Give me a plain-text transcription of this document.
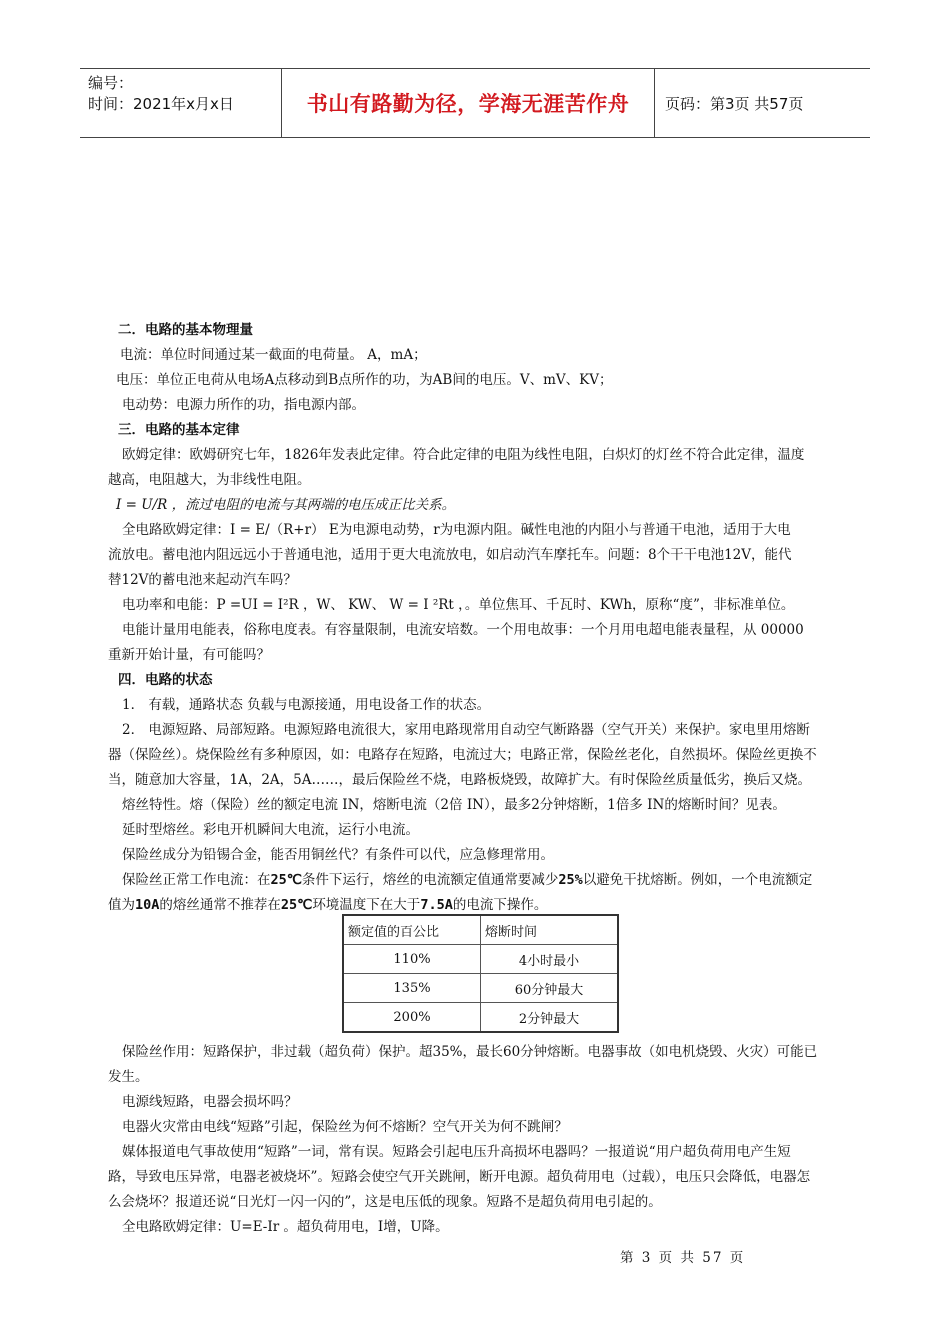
编号：
时间：2021年x月x日	书山有路勤为径，学海无涯苦作舟	页码：第3页 共57页

二．电路的基本物理量

电流：单位时间通过某一截面的电荷量。 A，mA；

电压：单位正电荷从电场A点移动到B点所作的功，为AB间的电压。V、mV、KV；

电动势：电源力所作的功，指电源内部。

三．电路的基本定律

欧姆定律：欧姆研究七年，1826年发表此定律。符合此定律的电阻为线性电阻，白炽灯的灯丝不符合此定律，温度

越高，电阻越大，为非线性电阻。

I = U/R ，流过电阻的电流与其两端的电压成正比关系。

全电路欧姆定律：I = E/（R+r） E为电源电动势，r为电源内阻。碱性电池的内阻小与普通干电池，适用于大电

流放电。蓄电池内阻远远小于普通电池，适用于更大电流放电，如启动汽车摩托车。问题：8个干干电池12V，能代

替12V的蓄电池来起动汽车吗？

电功率和电能：P =UI = I²R ，W、 KW、 W = I ²Rt ，。单位焦耳、千瓦时、KWh，原称“度”，非标准单位。

电能计量用电能表，俗称电度表。有容量限制，电流安培数。一个用电故事：一个月用电超电能表量程，从 00000

重新开始计量，有可能吗？

四．电路的状态

1． 有载，通路状态 负载与电源接通，用电设备工作的状态。

2． 电源短路、局部短路。电源短路电流很大，家用电路现常用自动空气断路器（空气开关）来保护。家电里用熔断

器（保险丝）。烧保险丝有多种原因，如：电路存在短路，电流过大；电路正常，保险丝老化，自然损坏。保险丝更换不

当，随意加大容量，1A，2A，5A……，最后保险丝不烧，电路板烧毁，故障扩大。有时保险丝质量低劣，换后又烧。

熔丝特性。熔（保险）丝的额定电流 IN，熔断电流（2倍 IN），最多2分钟熔断，1倍多 IN的熔断时间？见表。

延时型熔丝。彩电开机瞬间大电流，运行小电流。

保险丝成分为铅锡合金，能否用铜丝代？有条件可以代，应急修理常用。

保险丝正常工作电流：在25℃条件下运行，熔丝的电流额定值通常要减少25%以避免干扰熔断。例如，一个电流额定

值为10A的熔丝通常不推荐在25℃环境温度下在大于7.5A的电流下操作。

额定值的百公比	熔断时间
110%	4小时最小
135%	60分钟最大
200%	2分钟最大

保险丝作用：短路保护，非过载（超负荷）保护。超35%，最长60分钟熔断。电器事故（如电机烧毁、火灾）可能已

发生。

电源线短路，电器会损坏吗？

电器火灾常由电线“短路”引起，保险丝为何不熔断？空气开关为何不跳闸？

媒体报道电气事故使用“短路”一词，常有误。短路会引起电压升高损坏电器吗？一报道说“用户超负荷用电产生短

路，导致电压异常，电器老被烧坏”。短路会使空气开关跳闸，断开电源。超负荷用电（过载），电压只会降低，电器怎

么会烧坏？报道还说“日光灯一闪一闪的”，这是电压低的现象。短路不是超负荷用电引起的。

全电路欧姆定律：U=E-Ir 。超负荷用电，I增，U降。

第 3 页 共 57 页
